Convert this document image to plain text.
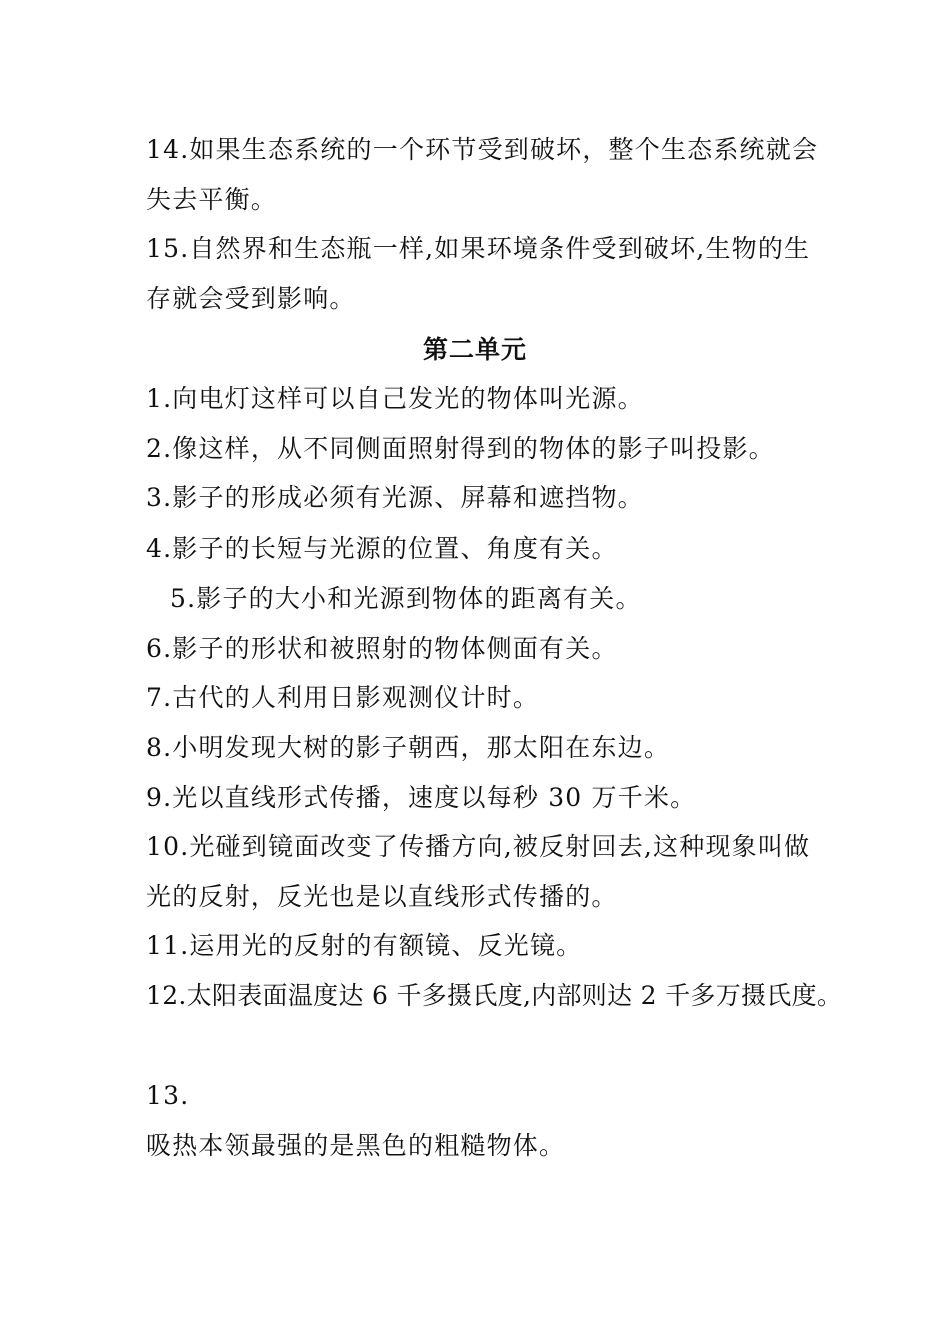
14.如果生态系统的一个环节受到破坏，整个生态系统就会
失去平衡。
15.自然界和生态瓶一样,如果环境条件受到破坏,生物的生
存就会受到影响。
第二单元
1.向电灯这样可以自己发光的物体叫光源。
2.像这样，从不同侧面照射得到的物体的影子叫投影。
3.影子的形成必须有光源、屏幕和遮挡物。
4.影子的长短与光源的位置、角度有关。
5.影子的大小和光源到物体的距离有关。
6.影子的形状和被照射的物体侧面有关。
7.古代的人利用日影观测仪计时。
8.小明发现大树的影子朝西，那太阳在东边。
9.光以直线形式传播，速度以每秒 30 万千米。
10.光碰到镜面改变了传播方向,被反射回去,这种现象叫做
光的反射，反光也是以直线形式传播的。
11.运用光的反射的有额镜、反光镜。
12.太阳表面温度达 6 千多摄氏度,内部则达 2 千多万摄氏度。
13.
吸热本领最强的是黑色的粗糙物体。
